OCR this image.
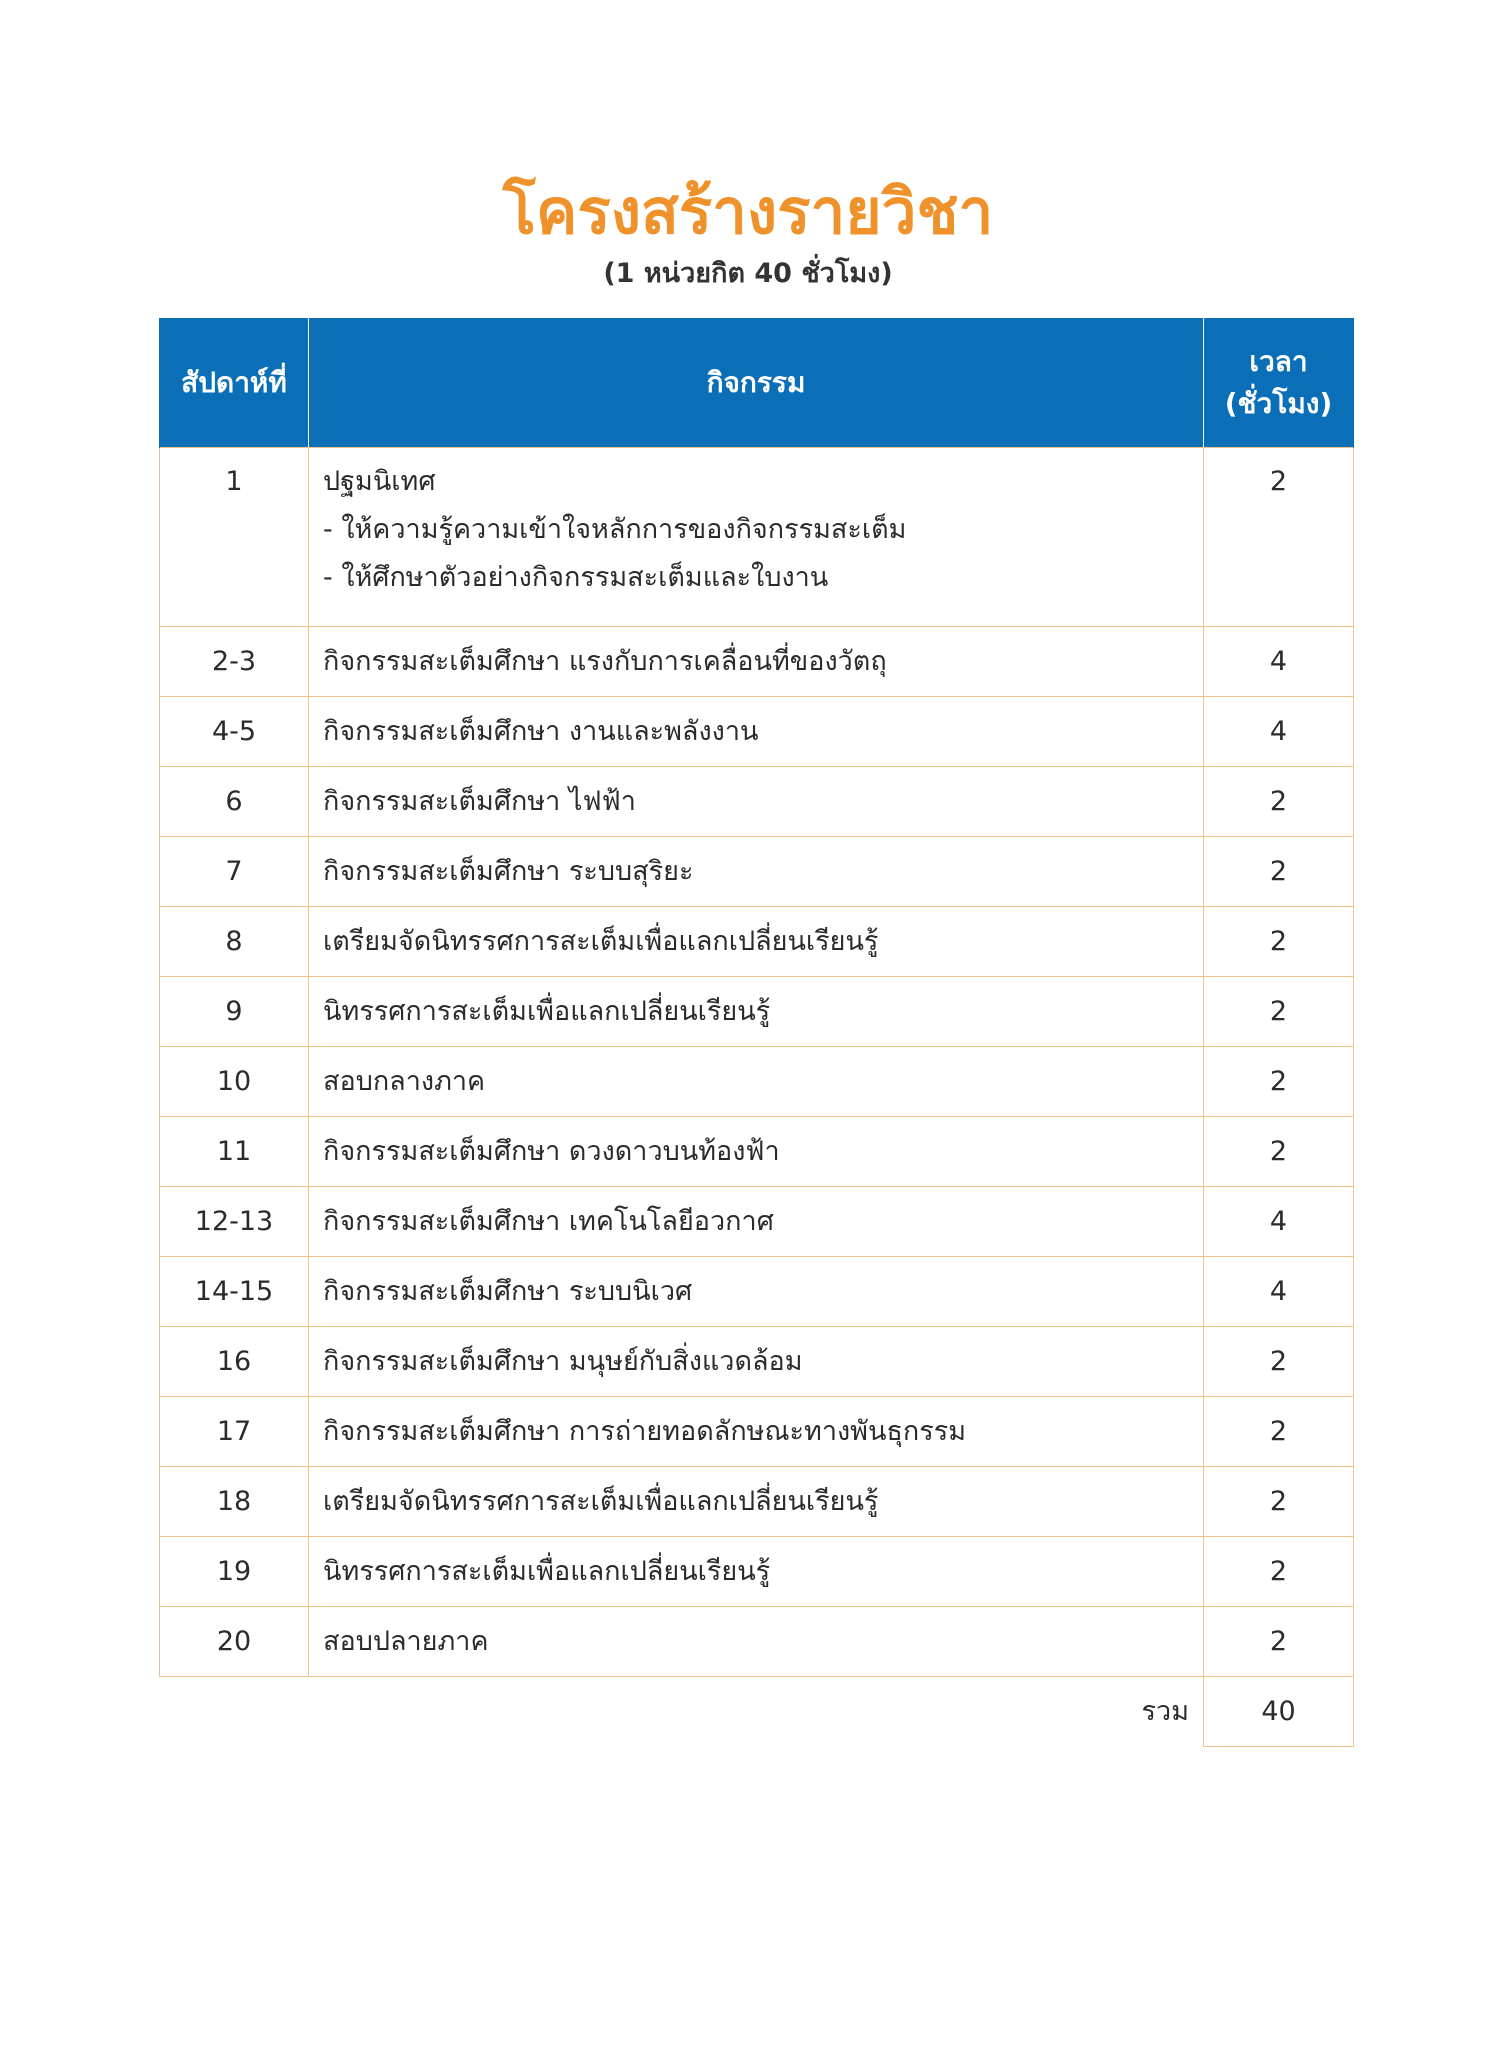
โครงสร้างรายวิชา
(1 หน่วยกิต 40 ชั่วโมง)
สัปดาห์ที่	กิจกรรม	เวลา
(ชั่วโมง)

1	ปฐมนิเทศ
- ให้ความรู้ความเข้าใจหลักการของกิจกรรมสะเต็ม
- ให้ศึกษาตัวอย่างกิจกรรมสะเต็มและใบงาน	2
2-3	กิจกรรมสะเต็มศึกษา แรงกับการเคลื่อนที่ของวัตถุ	4
4-5	กิจกรรมสะเต็มศึกษา งานและพลังงาน	4
6	กิจกรรมสะเต็มศึกษา ไฟฟ้า	2
7	กิจกรรมสะเต็มศึกษา ระบบสุริยะ	2
8	เตรียมจัดนิทรรศการสะเต็มเพื่อแลกเปลี่ยนเรียนรู้	2
9	นิทรรศการสะเต็มเพื่อแลกเปลี่ยนเรียนรู้	2
10	สอบกลางภาค	2
11	กิจกรรมสะเต็มศึกษา ดวงดาวบนท้องฟ้า	2
12-13	กิจกรรมสะเต็มศึกษา เทคโนโลยีอวกาศ	4
14-15	กิจกรรมสะเต็มศึกษา ระบบนิเวศ	4
16	กิจกรรมสะเต็มศึกษา มนุษย์กับสิ่งแวดล้อม	2
17	กิจกรรมสะเต็มศึกษา การถ่ายทอดลักษณะทางพันธุกรรม	2
18	เตรียมจัดนิทรรศการสะเต็มเพื่อแลกเปลี่ยนเรียนรู้	2
19	นิทรรศการสะเต็มเพื่อแลกเปลี่ยนเรียนรู้	2
20	สอบปลายภาค	2
รวม		40
